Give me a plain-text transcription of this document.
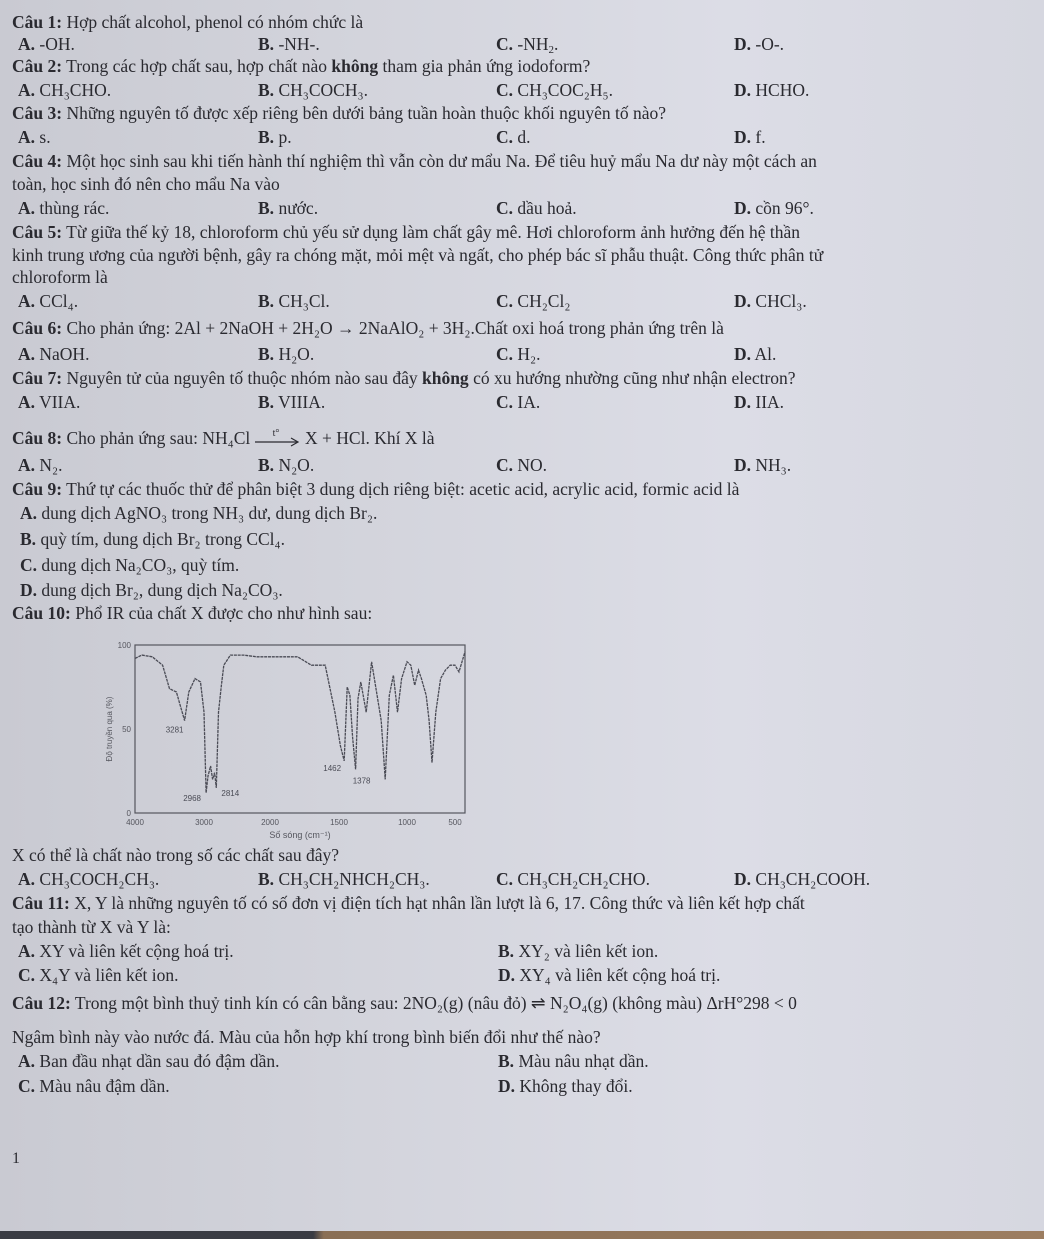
Câu 1: Hợp chất alcohol, phenol có nhóm chức là
A. -OH.	B. -NH-.	C. $-NH_2$.	D. -O-.
Câu 2: Trong các hợp chất sau, hợp chất nào không tham gia phản ứng iodoform?
A. CH₃CHO.	B. CH₃COCH₃.	C. CH₃COC₂H₅.	D. HCHO.
Câu 3: Những nguyên tố được xếp riêng bên dưới bảng tuần hoàn thuộc khối nguyên tố nào?
A. s.	B. p.	C. d.	D. f.
Câu 4: Một học sinh sau khi tiến hành thí nghiệm thì vẫn còn dư mẩu Na. Để tiêu huỷ mẩu Na dư này một cách an
toàn, học sinh đó nên cho mẩu Na vào
A. thùng rác.	B. nước.	C. dầu hoả.	D. cồn 96°.
Câu 5: Từ giữa thế kỷ 18, chloroform chủ yếu sử dụng làm chất gây mê. Hơi chloroform ảnh hưởng đến hệ thần
kinh trung ương của người bệnh, gây ra chóng mặt, mỏi mệt và ngất, cho phép bác sĩ phẫu thuật. Công thức phân tử
chloroform là
A. CCl₄.	B. CH₃Cl.	C. CH₂Cl₂	D. CHCl₃.
Câu 6: Cho phản ứng: 2Al + 2NaOH + 2H₂O → 2NaAlO₂ + 3H₂.Chất oxi hoá trong phản ứng trên là
A. NaOH.	B. H₂O.	C. H₂.	D. Al.
Câu 7: Nguyên tử của nguyên tố thuộc nhóm nào sau đây không có xu hướng nhường cũng như nhận electron?
A. VIIA.	B. VIIIA.	C. IA.	D. IIA.
Câu 8: Cho phản ứng sau: NH₄Cl t° X + HCl. Khí X là
A. N₂.	B. N₂O.	C. NO.	D. NH₃.
Câu 9: Thứ tự các thuốc thử để phân biệt 3 dung dịch riêng biệt: acetic acid, acrylic acid, formic acid là
A. dung dịch AgNO₃ trong NH₃ dư, dung dịch Br₂.
B. quỳ tím, dung dịch Br₂ trong CCl₄.
C. dung dịch Na₂CO₃, quỳ tím.
D. dung dịch Br₂, dung dịch Na₂CO₃.
Câu 10: Phổ IR của chất X được cho như hình sau:
4000	3000	2000	1500	1000	500
0
50
100
Số sóng (cm⁻¹)
Độ truyền qua (%)	3281
2968
2814
1462
1378
X có thể là chất nào trong số các chất sau đây?
A. CH₃COCH₂CH₃.	B. CH₃CH₂NHCH₂CH₃.	C. CH₃CH₂CH₂CHO.	D. CH₃CH₂COOH.
Câu 11: X, Y là những nguyên tố có số đơn vị điện tích hạt nhân lần lượt là 6, 17. Công thức và liên kết hợp chất
tạo thành từ X và Y là:
A. XY và liên kết cộng hoá trị.	B. XY₂ và liên kết ion.
C. X₄Y và liên kết ion.	D. XY₄ và liên kết cộng hoá trị.
Câu 12: Trong một bình thuỷ tinh kín có cân bằng sau: 2NO₂(g) (nâu đỏ) ⇌ N₂O₄(g) (không màu) ΔrH°298 < 0
Ngâm bình này vào nước đá. Màu của hỗn hợp khí trong bình biến đổi như thế nào?
A. Ban đầu nhạt dần sau đó đậm dần.	B. Màu nâu nhạt dần.
C. Màu nâu đậm dần.	D. Không thay đổi.
1
